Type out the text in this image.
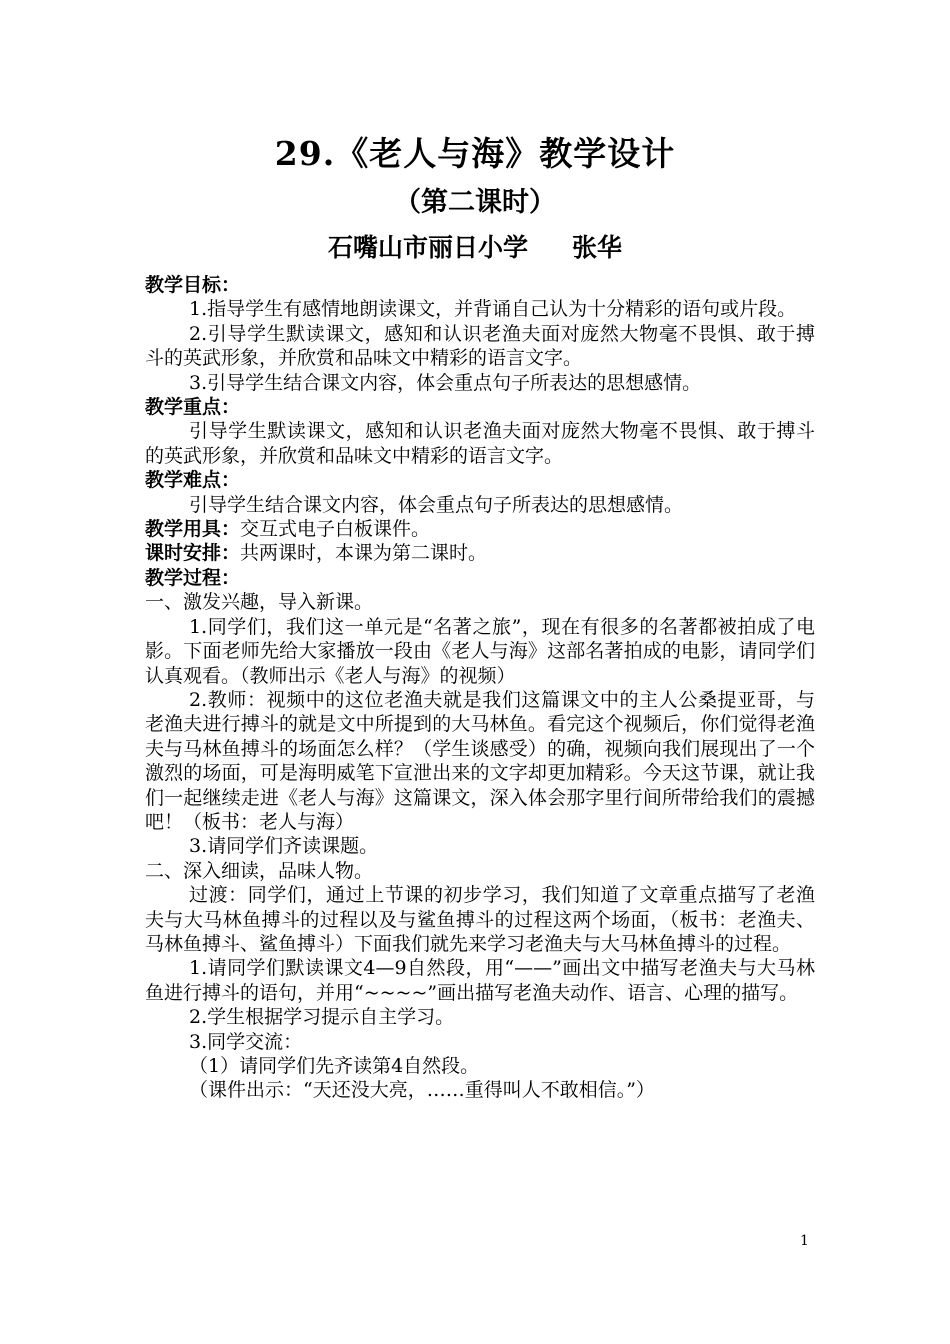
29.《老人与海》教学设计
（第二课时）
石嘴山市丽日小学 张华

教学目标：

1.指导学生有感情地朗读课文，并背诵自己认为十分精彩的语句或片段。

2.引导学生默读课文，感知和认识老渔夫面对庞然大物毫不畏惧、敢于搏斗的英武形象，并欣赏和品味文中精彩的语言文字。

3.引导学生结合课文内容，体会重点句子所表达的思想感情。

教学重点：

引导学生默读课文，感知和认识老渔夫面对庞然大物毫不畏惧、敢于搏斗的英武形象，并欣赏和品味文中精彩的语言文字。

教学难点：

引导学生结合课文内容，体会重点句子所表达的思想感情。

教学用具：交互式电子白板课件。

课时安排：共两课时，本课为第二课时。

教学过程：

一、激发兴趣，导入新课。

1.同学们，我们这一单元是“名著之旅”，现在有很多的名著都被拍成了电影。下面老师先给大家播放一段由《老人与海》这部名著拍成的电影，请同学们认真观看。（教师出示《老人与海》的视频）

2.教师：视频中的这位老渔夫就是我们这篇课文中的主人公桑提亚哥，与老渔夫进行搏斗的就是文中所提到的大马林鱼。看完这个视频后，你们觉得老渔夫与马林鱼搏斗的场面怎么样？（学生谈感受）的确，视频向我们展现出了一个激烈的场面，可是海明威笔下宣泄出来的文字却更加精彩。今天这节课，就让我们一起继续走进《老人与海》这篇课文，深入体会那字里行间所带给我们的震撼吧！（板书：老人与海）

3.请同学们齐读课题。

二、深入细读，品味人物。

过渡：同学们，通过上节课的初步学习，我们知道了文章重点描写了老渔夫与大马林鱼搏斗的过程以及与鲨鱼搏斗的过程这两个场面，（板书：老渔夫、马林鱼搏斗、鲨鱼搏斗）下面我们就先来学习老渔夫与大马林鱼搏斗的过程。

1.请同学们默读课文4—9自然段，用“——”画出文中描写老渔夫与大马林鱼进行搏斗的语句，并用“~~~~”画出描写老渔夫动作、语言、心理的描写。

2.学生根据学习提示自主学习。

3.同学交流：

（1）请同学们先齐读第4自然段。

（课件出示：“天还没大亮，……重得叫人不敢相信。”）

1
